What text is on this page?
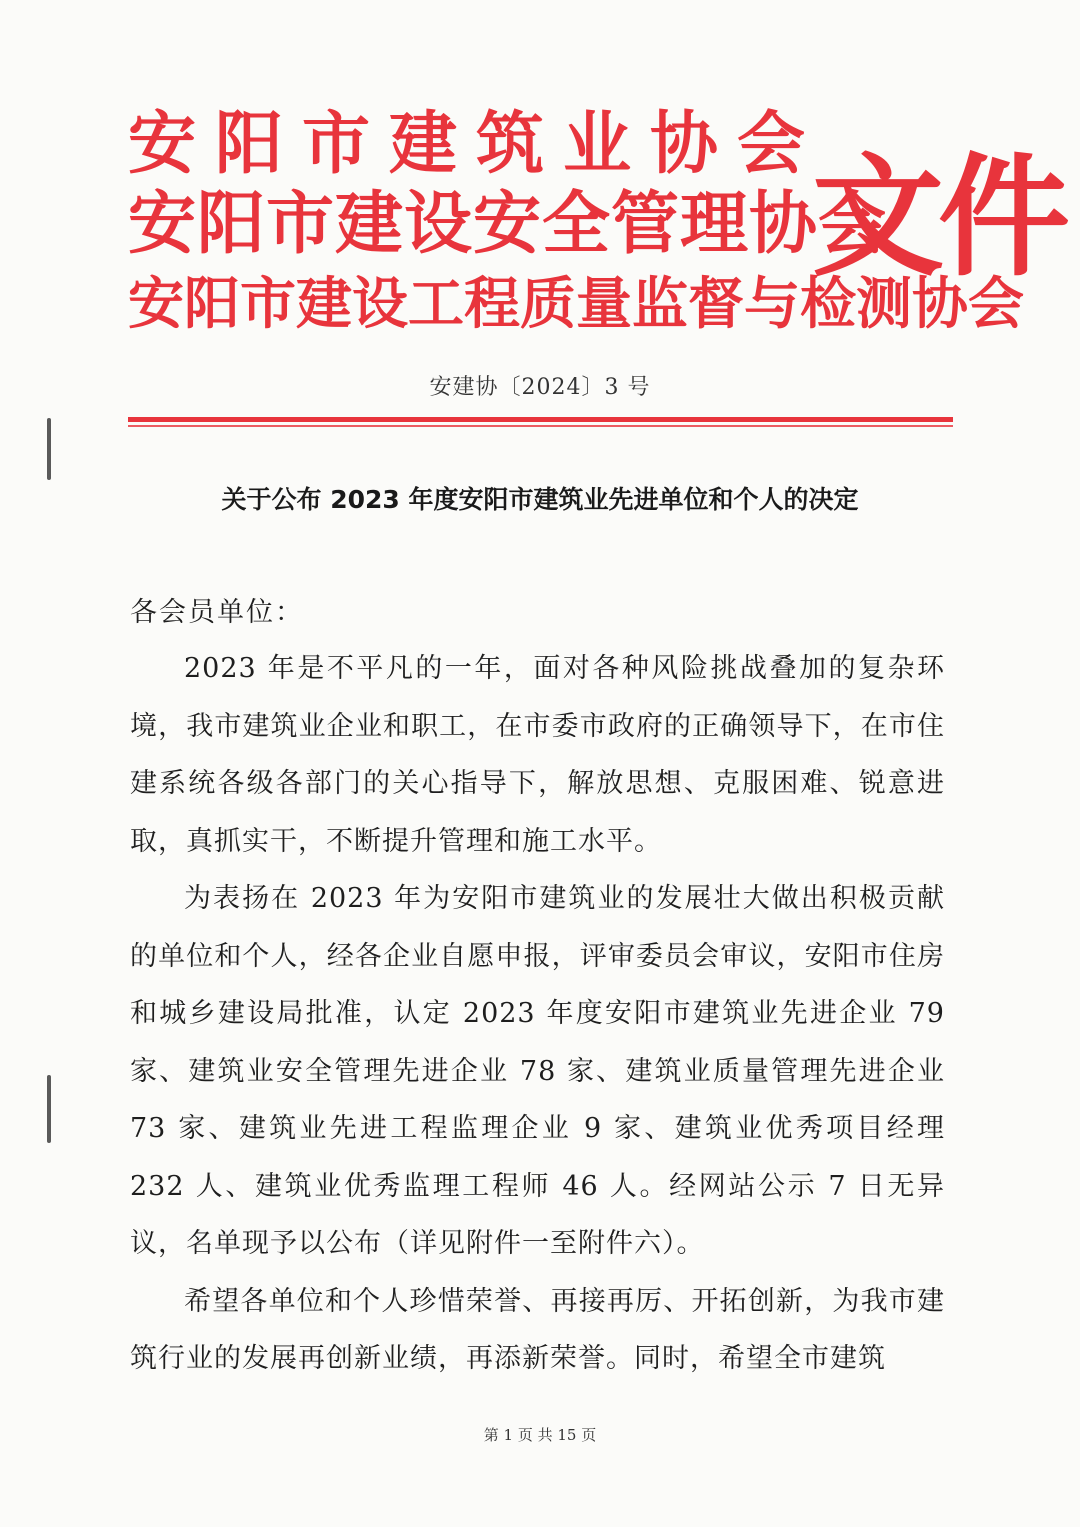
安阳市建筑业协会
安阳市建设安全管理协会
安阳市建设工程质量监督与检测协会
文件
安建协〔2024〕3 号
关于公布 2023 年度安阳市建筑业先进单位和个人的决定
各会员单位：

2023 年是不平凡的一年，面对各种风险挑战叠加的复杂环境，我市建筑业企业和职工，在市委市政府的正确领导下，在市住建系统各级各部门的关心指导下，解放思想、克服困难、锐意进取，真抓实干，不断提升管理和施工水平。

为表扬在 2023 年为安阳市建筑业的发展壮大做出积极贡献的单位和个人，经各企业自愿申报，评审委员会审议，安阳市住房和城乡建设局批准，认定 2023 年度安阳市建筑业先进企业 79 家、建筑业安全管理先进企业 78 家、建筑业质量管理先进企业 73 家、建筑业先进工程监理企业 9 家、建筑业优秀项目经理 232 人、建筑业优秀监理工程师 46 人。经网站公示 7 日无异议，名单现予以公布（详见附件一至附件六）。

希望各单位和个人珍惜荣誉、再接再厉、开拓创新，为我市建筑行业的发展再创新业绩，再添新荣誉。同时，希望全市建筑

第 1 页 共 15 页
